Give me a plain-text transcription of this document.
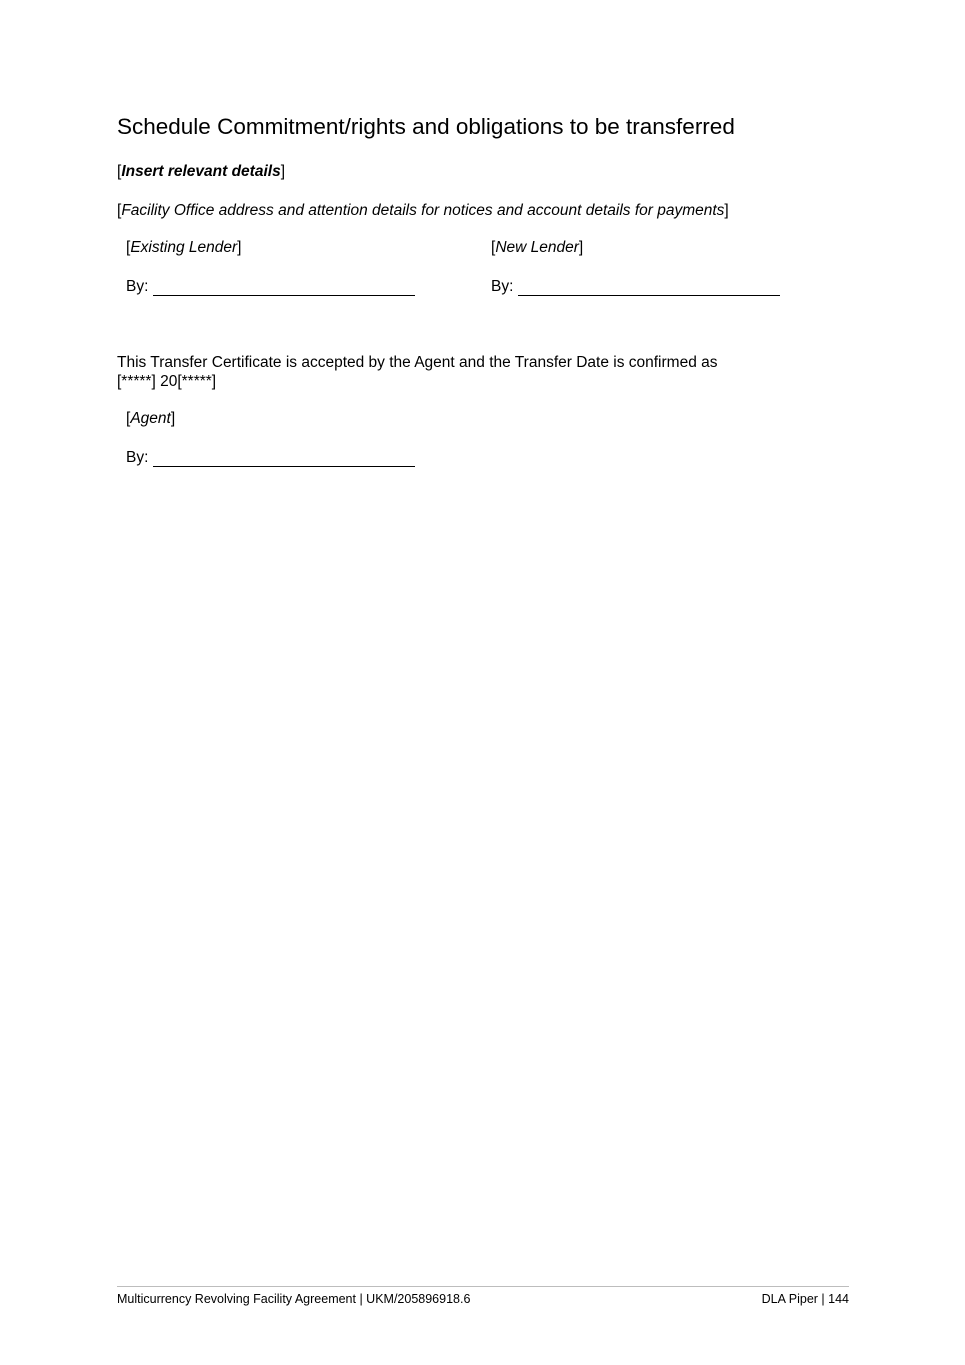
Schedule Commitment/rights and obligations to be transferred

[Insert relevant details]

[Facility Office address and attention details for notices and account details for payments]

[Existing Lender]	[New Lender]

By:	By:

This Transfer Certificate is accepted by the Agent and the Transfer Date is confirmed as
[*****] 20[*****]

[Agent]

By:
Multicurrency Revolving Facility Agreement | UKM/205896918.6	DLA Piper | 144
